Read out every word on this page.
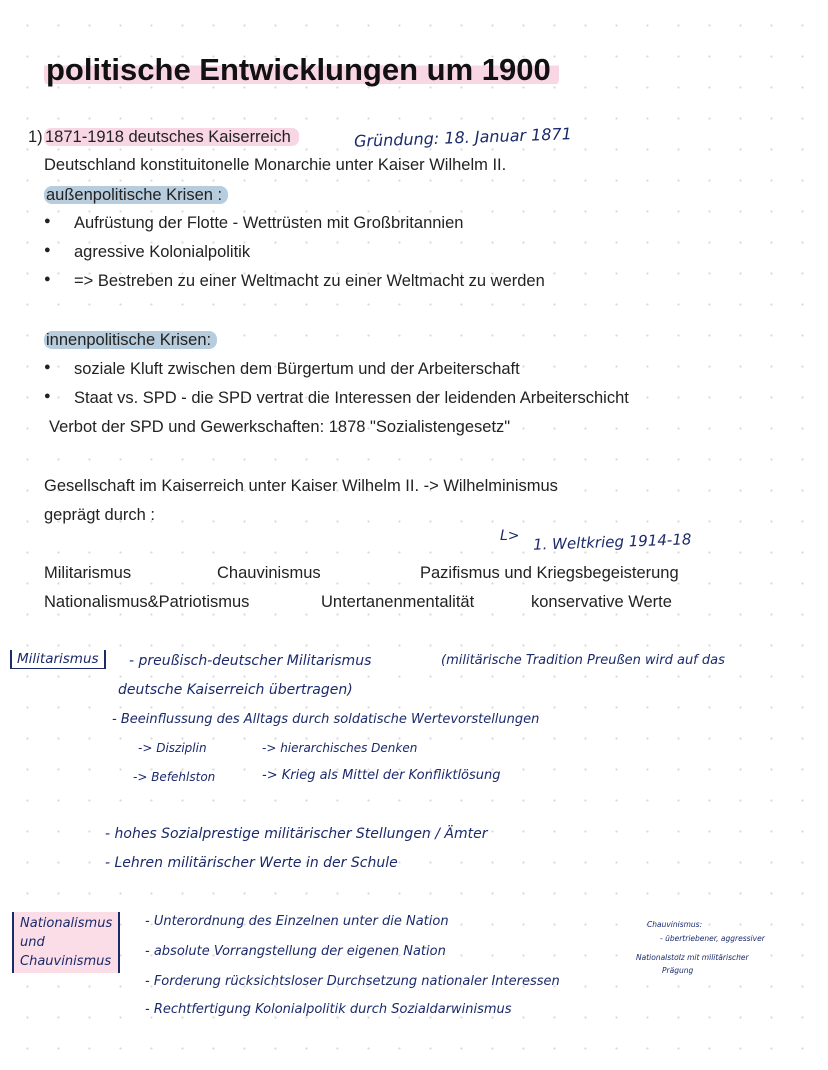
politische Entwicklungen um 1900
1) 1871-1918 deutsches Kaiserreich	Gründung: 18. Januar 1871
Deutschland konstituitonelle Monarchie unter Kaiser Wilhelm II.
außenpolitische Krisen :
● Aufrüstung der Flotte - Wettrüsten mit Großbritannien
● agressive Kolonialpolitik
● => Bestreben zu einer Weltmacht zu einer Weltmacht zu werden
innenpolitische Krisen:
● soziale Kluft zwischen dem Bürgertum und der Arbeiterschaft
● Staat vs. SPD - die SPD vertrat die Interessen der leidenden Arbeiterschicht
Verbot der SPD und Gewerkschaften: 1878 "Sozialistengesetz"
Gesellschaft im Kaiserreich unter Kaiser Wilhelm II. -> Wilhelminismus
geprägt durch :
L> 1. Weltkrieg 1914-18
Militarismus	Chauvinismus	Pazifismus und Kriegsbegeisterung
Nationalismus&Patriotismus	Untertanenmentalität	konservative Werte
Militarismus	- preußisch-deutscher Militarismus	(militärische Tradition Preußen wird auf das
deutsche Kaiserreich übertragen)
- Beeinflussung des Alltags durch soldatische Wertevorstellungen
-> Disziplin	-> hierarchisches Denken
-> Befehlston	-> Krieg als Mittel der Konfliktlösung
- hohes Sozialprestige militärischer Stellungen / Ämter
- Lehren militärischer Werte in der Schule
Nationalismus
und
Chauvinismus
- Unterordnung des Einzelnen unter die Nation
- absolute Vorrangstellung der eigenen Nation
- Forderung rücksichtsloser Durchsetzung nationaler Interessen
- Rechtfertigung Kolonialpolitik durch Sozialdarwinismus
Chauvinismus:
- übertriebener, aggressiver
Nationalstolz mit militärischer
Prägung
